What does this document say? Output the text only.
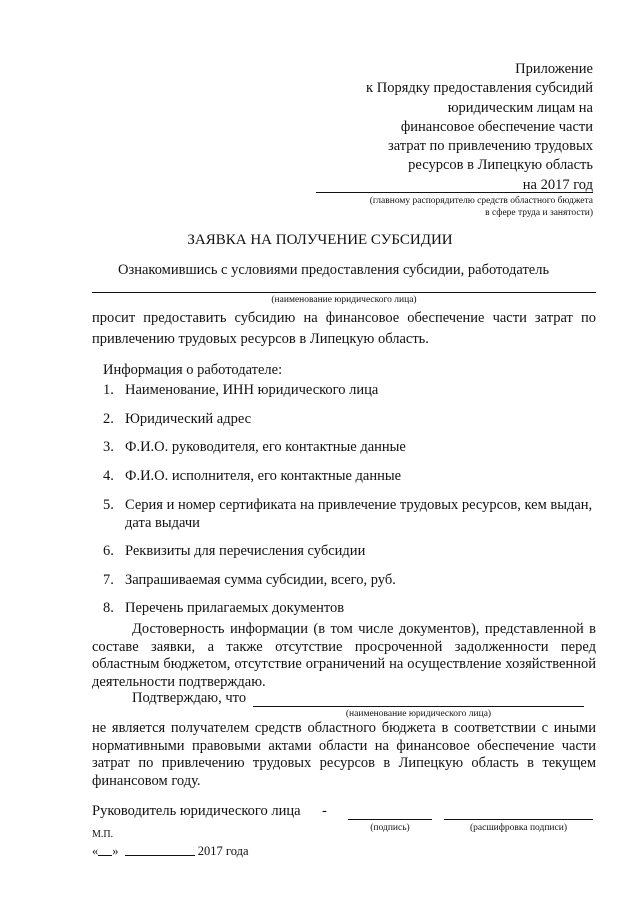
Приложение
к Порядку предоставления субсидий
юридическим лицам на
финансовое обеспечение части
затрат по привлечению трудовых
ресурсов в Липецкую область
на 2017 год
(главному распорядителю средств областного бюджета
в сфере труда и занятости)
ЗАЯВКА НА ПОЛУЧЕНИЕ СУБСИДИИ
Ознакомившись с условиями предоставления субсидии, работодатель
(наименование юридического лица)
просит предоставить субсидию на финансовое обеспечение части затрат по привлечению трудовых ресурсов в Липецкую область.
Информация о работодателе:
1. Наименование, ИНН юридического лица
2. Юридический адрес
3. Ф.И.О. руководителя, его контактные данные
4. Ф.И.О. исполнителя, его контактные данные
5. Серия и номер сертификата на привлечение трудовых ресурсов, кем выдан, дата выдачи
6. Реквизиты для перечисления субсидии
7. Запрашиваемая сумма субсидии, всего, руб.
8. Перечень прилагаемых документов
Достоверность информации (в том числе документов), представленной в составе заявки, а также отсутствие просроченной задолженности перед областным бюджетом, отсутствие ограничений на осуществление хозяйственной деятельности подтверждаю.
Подтверждаю, что
(наименование юридического лица)
не является получателем средств областного бюджета в соответствии с иными нормативными правовыми актами области на финансовое обеспечение части затрат по привлечению трудовых ресурсов в Липецкую область в текущем финансовом году.
Руководитель юридического лица -
(подпись)	(расшифровка подписи)
М.П.
« »	2017 года
